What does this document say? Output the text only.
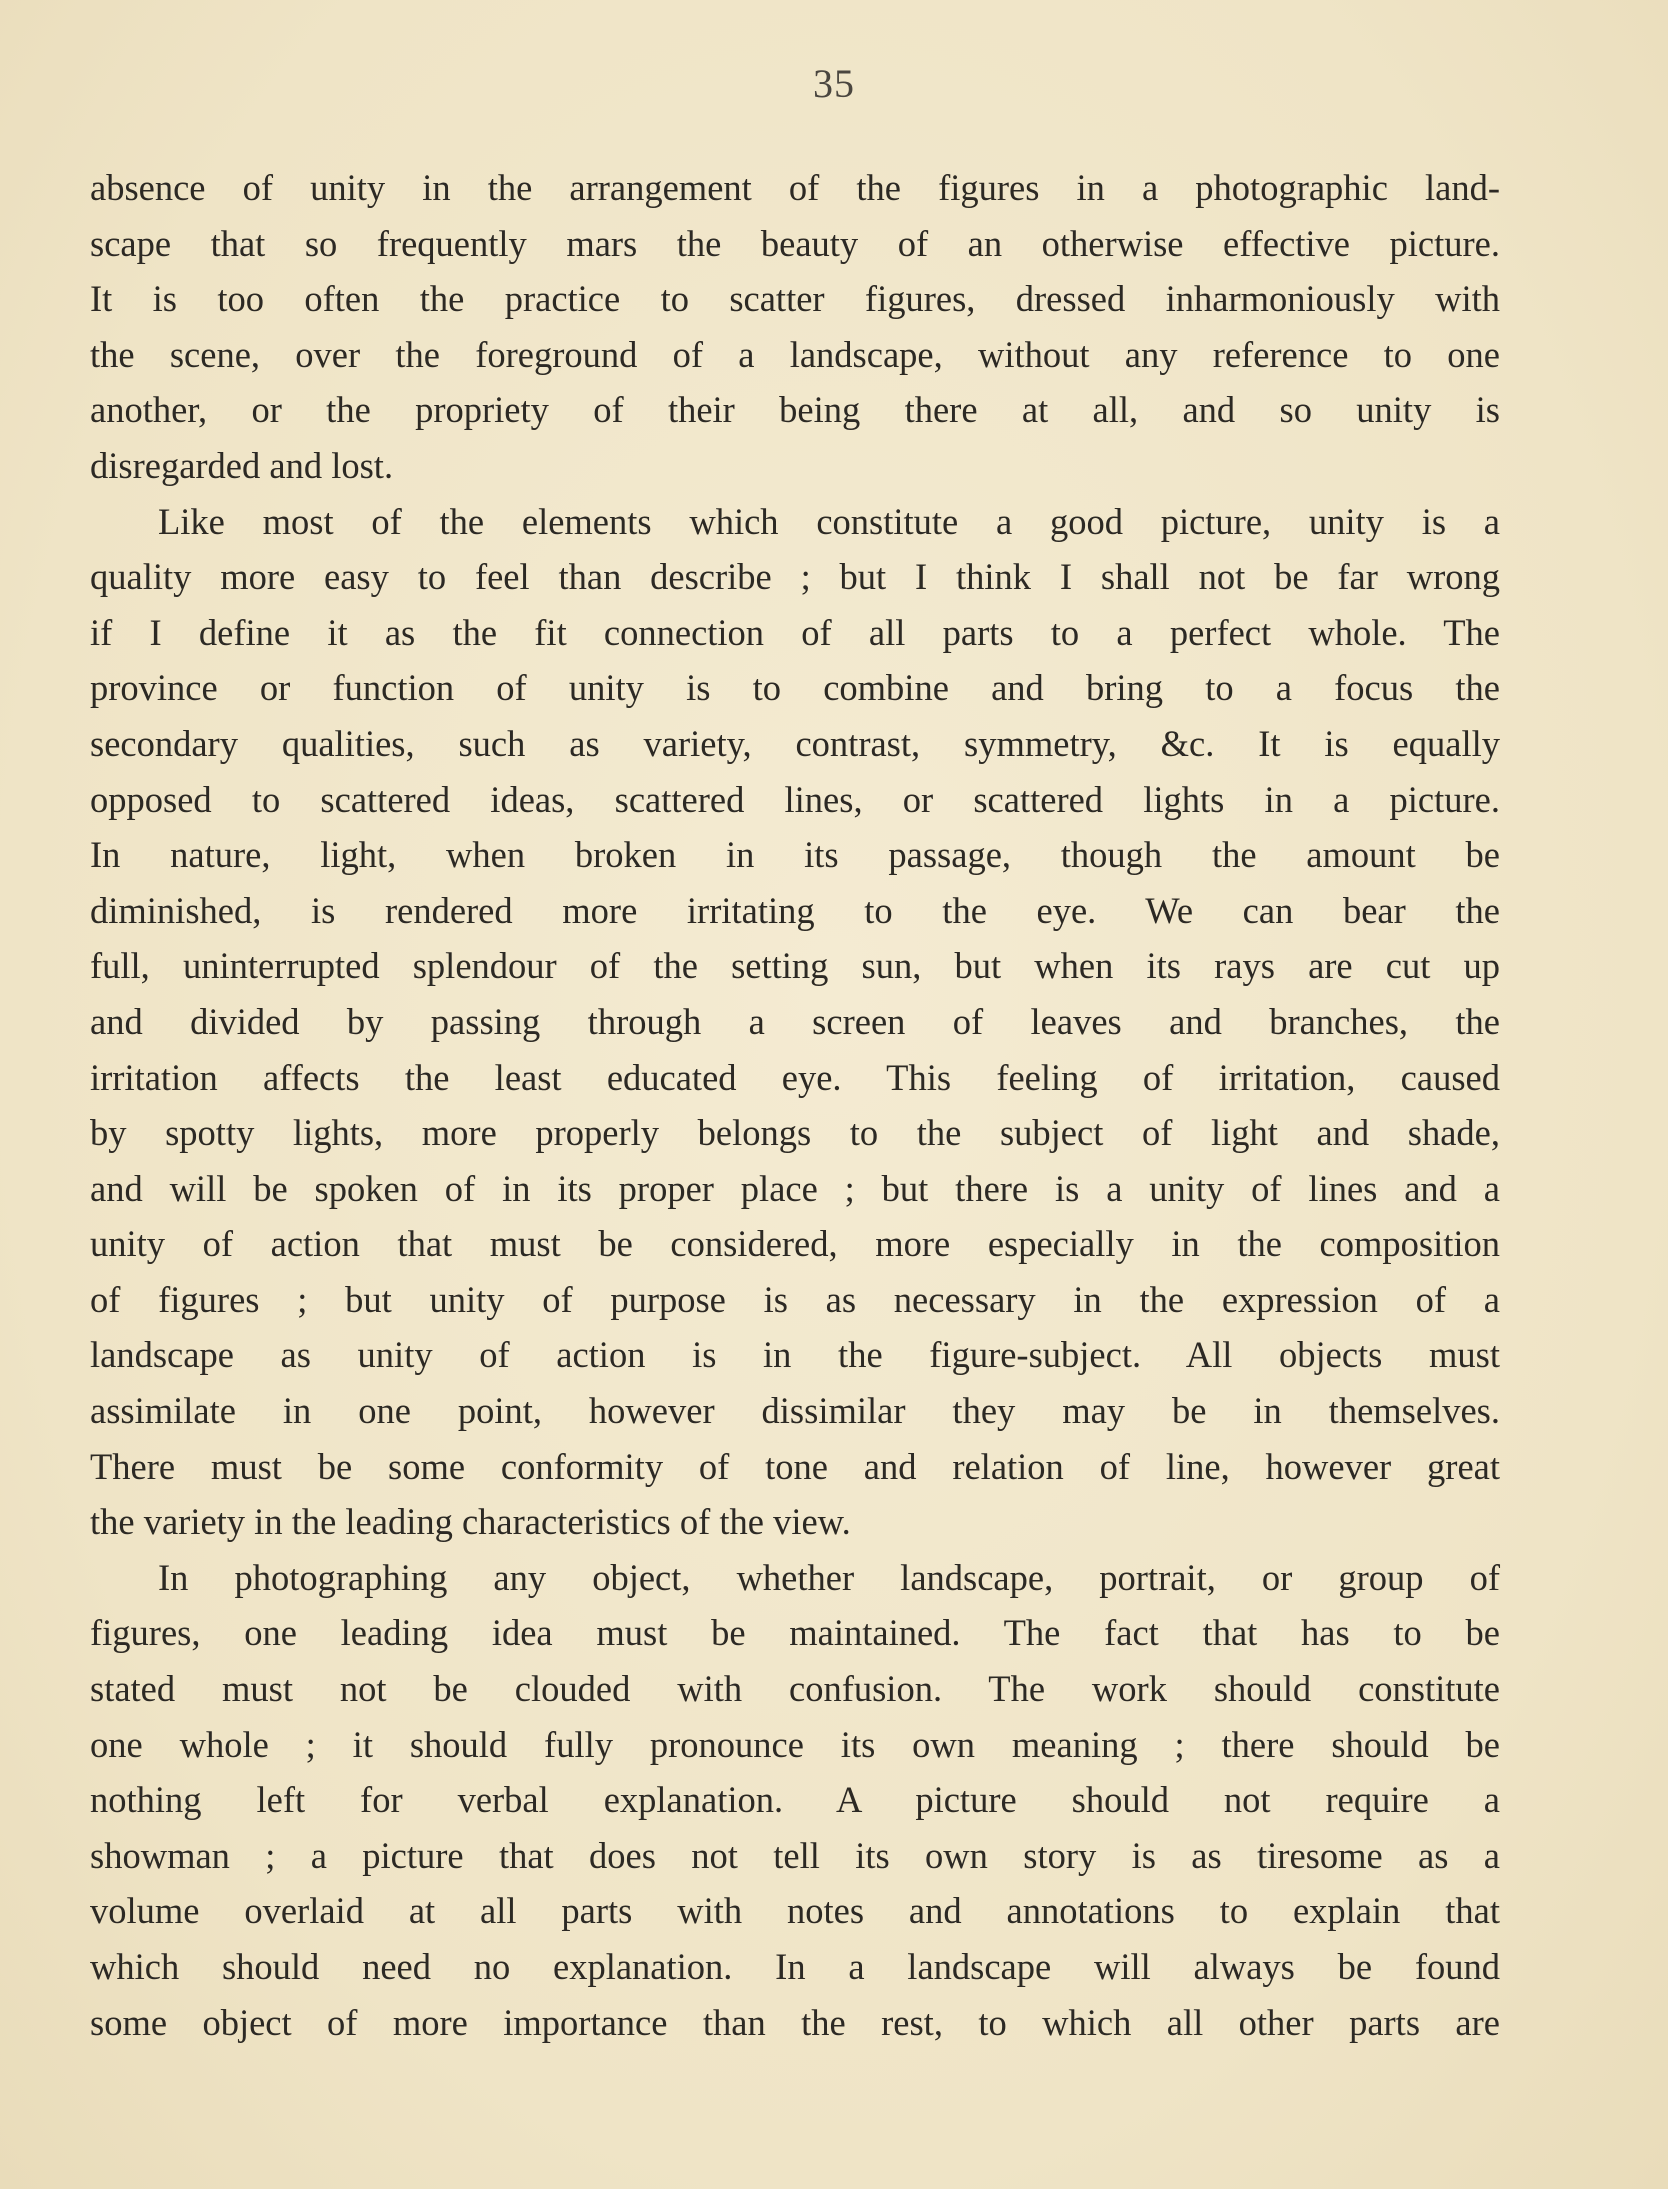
35
absence of unity in the arrangement of the figures in a photographic land-
scape that so frequently mars the beauty of an otherwise effective picture.
It is too often the practice to scatter figures, dressed inharmoniously with
the scene, over the foreground of a landscape, without any reference to one
another, or the propriety of their being there at all, and so unity is
disregarded and lost.
Like most of the elements which constitute a good picture, unity is a
quality more easy to feel than describe ; but I think I shall not be far wrong
if I define it as the fit connection of all parts to a perfect whole. The
province or function of unity is to combine and bring to a focus the
secondary qualities, such as variety, contrast, symmetry, &c. It is equally
opposed to scattered ideas, scattered lines, or scattered lights in a picture.
In nature, light, when broken in its passage, though the amount be
diminished, is rendered more irritating to the eye. We can bear the
full, uninterrupted splendour of the setting sun, but when its rays are cut up
and divided by passing through a screen of leaves and branches, the
irritation affects the least educated eye. This feeling of irritation, caused
by spotty lights, more properly belongs to the subject of light and shade,
and will be spoken of in its proper place ; but there is a unity of lines and a
unity of action that must be considered, more especially in the composition
of figures ; but unity of purpose is as necessary in the expression of a
landscape as unity of action is in the figure-subject. All objects must
assimilate in one point, however dissimilar they may be in themselves.
There must be some conformity of tone and relation of line, however great
the variety in the leading characteristics of the view.
In photographing any object, whether landscape, portrait, or group of
figures, one leading idea must be maintained. The fact that has to be
stated must not be clouded with confusion. The work should constitute
one whole ; it should fully pronounce its own meaning ; there should be
nothing left for verbal explanation. A picture should not require a
showman ; a picture that does not tell its own story is as tiresome as a
volume overlaid at all parts with notes and annotations to explain that
which should need no explanation. In a landscape will always be found
some object of more importance than the rest, to which all other parts are
